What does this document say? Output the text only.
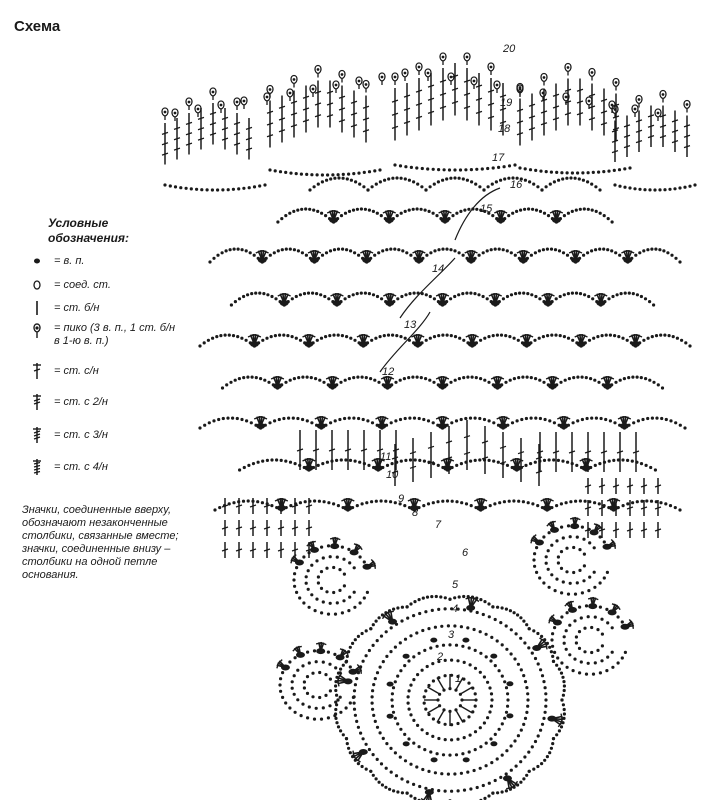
Схема
Условные
обозначения:
= в. п.
= соед. ст.
= ст. б/н
= пико (3 в. п., 1 ст. б/н
в 1-ю в. п.)
= ст. с/н
= ст. с 2/н
= ст. с 3/н
= ст. с 4/н
Значки, соединенные вверху,
обозначают незаконченные
столбики, связанные вместе;
значки, соединенные внизу –
столбики на одной петле
основания.
1
2
3
4
5
6
7
8
9
10
11
12
13
14
15
16
17
18
19
20
